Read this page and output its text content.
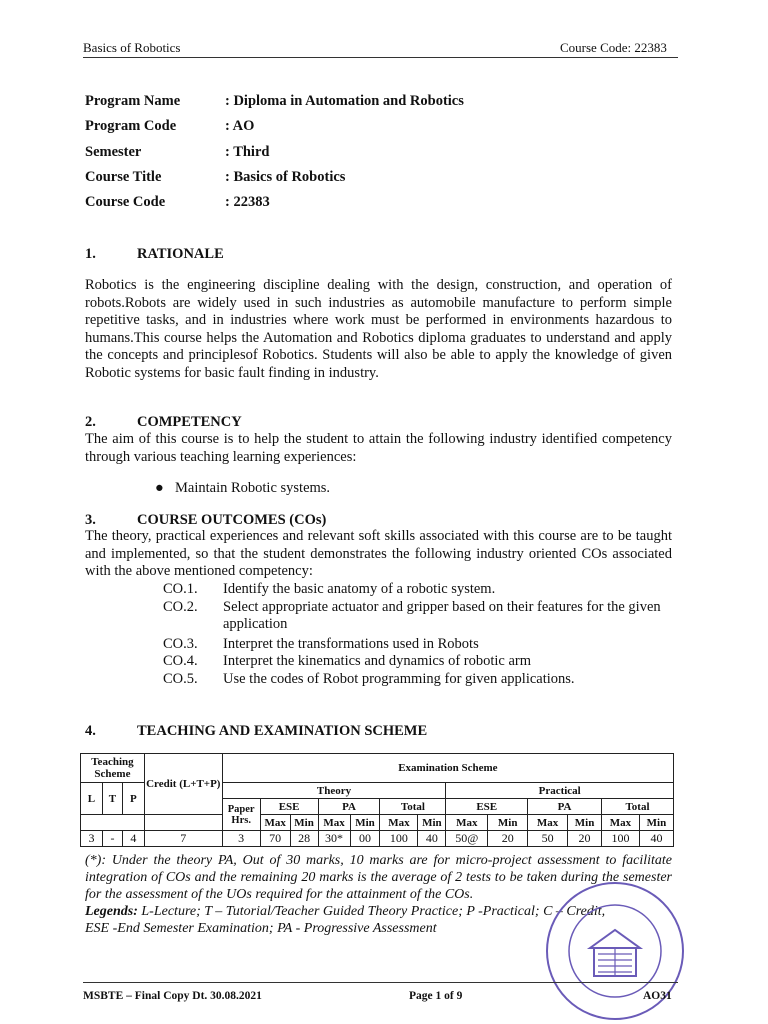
Basics of Robotics	Course Code: 22383
Program Name	: Diploma in Automation and Robotics
Program Code	: AO
Semester	: Third
Course Title	: Basics of Robotics
Course Code	: 22383
1.	RATIONALE
Robotics is the engineering discipline dealing with the design, construction, and operation of robots.Robots are widely used in such industries as automobile manufacture to perform simple repetitive tasks, and in industries where work must be performed in environments hazardous to humans.This course helps the Automation and Robotics diploma graduates to understand and apply the concepts and principlesof Robotics. Students will also be able to apply the knowledge of given Robotic systems for basic fault finding in industry.
2.	COMPETENCY
The aim of this course is to help the student to attain the following industry identified competency through various teaching learning experiences:
● Maintain Robotic systems.
3.	COURSE OUTCOMES (COs)
The theory, practical experiences and relevant soft skills associated with this course are to be taught and implemented, so that the student demonstrates the following industry oriented COs associated with the above mentioned competency:
CO.1.	Identify the basic anatomy of a robotic system.
CO.2.	Select appropriate actuator and gripper based on their features for the given application
CO.3.	Interpret the transformations used in Robots
CO.4.	Interpret the kinematics and dynamics of robotic arm
CO.5.	Use the codes of Robot programming for given applications.
4.	TEACHING AND EXAMINATION SCHEME
Teaching Scheme			Credit (L+T+P)	Examination Scheme												
L	T	P		Theory							Practical					
				Paper Hrs.	ESE		PA		Total		ESE		PA		Total	
					Max	Min	Max	Min	Max	Min	Max	Min	Max	Min	Max	Min
3	-	4	7	3	70	28	30*	00	100	40	50@	20	50	20	100	40
(*): Under the theory PA, Out of 30 marks, 10 marks are for micro-project assessment to facilitate integration of COs and the remaining 20 marks is the average of 2 tests to be taken during the semester for the assessment of the UOs required for the attainment of the COs.
Legends: L-Lecture; T – Tutorial/Teacher Guided Theory Practice; P -Practical; C – Credit,
ESE -End Semester Examination; PA - Progressive Assessment
MSBTE – Final Copy Dt. 30.08.2021	Page 1 of 9	AO31
